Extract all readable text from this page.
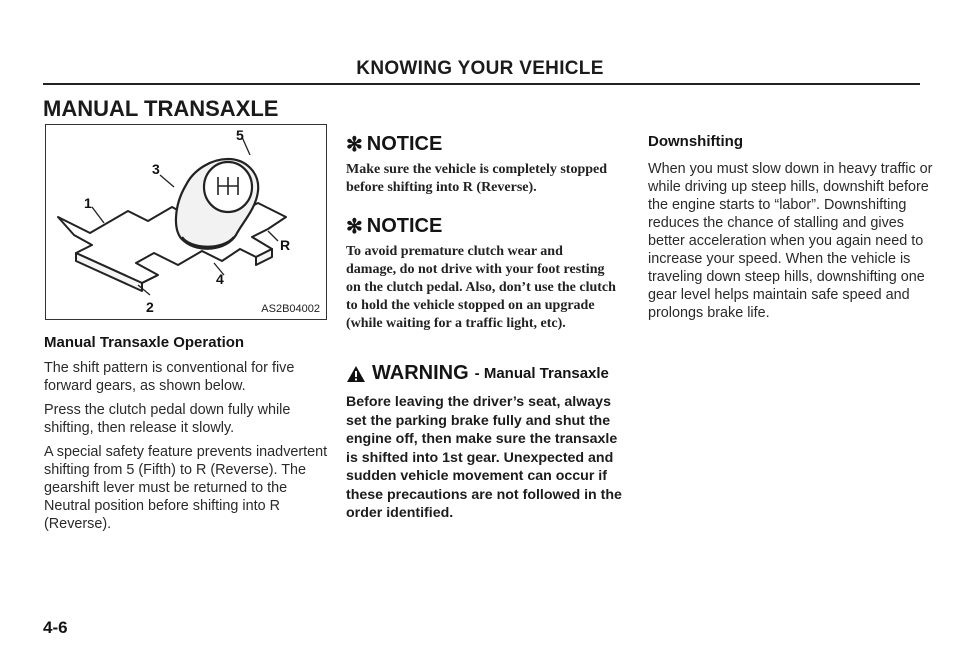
KNOWING YOUR VEHICLE
MANUAL TRANSAXLE
1
2
3
4
5
R
AS2B04002
Manual Transaxle Operation

The shift pattern is conventional for five forward gears, as shown below.

Press the clutch pedal down fully while shifting, then release it slowly.

A special safety feature prevents inadvertent shifting from 5 (Fifth) to R (Reverse). The gearshift lever must be returned to the Neutral position before shifting into R (Reverse).

✻ NOTICE
Make sure the vehicle is completely stopped before shifting into R (Reverse).
✻ NOTICE
To avoid premature clutch wear and damage, do not drive with your foot resting on the clutch pedal. Also, don’t use the clutch to hold the vehicle stopped on an upgrade (while waiting for a traffic light, etc).
WARNING - Manual Transaxle
Before leaving the driver’s seat, always set the parking brake fully and shut the engine off, then make sure the transaxle is shifted into 1st gear. Unexpected and sudden vehicle movement can occur if these precautions are not followed in the order identified.
Downshifting
When you must slow down in heavy traffic or while driving up steep hills, downshift before the engine starts to “labor”. Downshifting reduces the chance of stalling and gives better acceleration when you again need to increase your speed. When the vehicle is traveling down steep hills, downshifting one gear level helps maintain safe speed and prolongs brake life.
4-6
